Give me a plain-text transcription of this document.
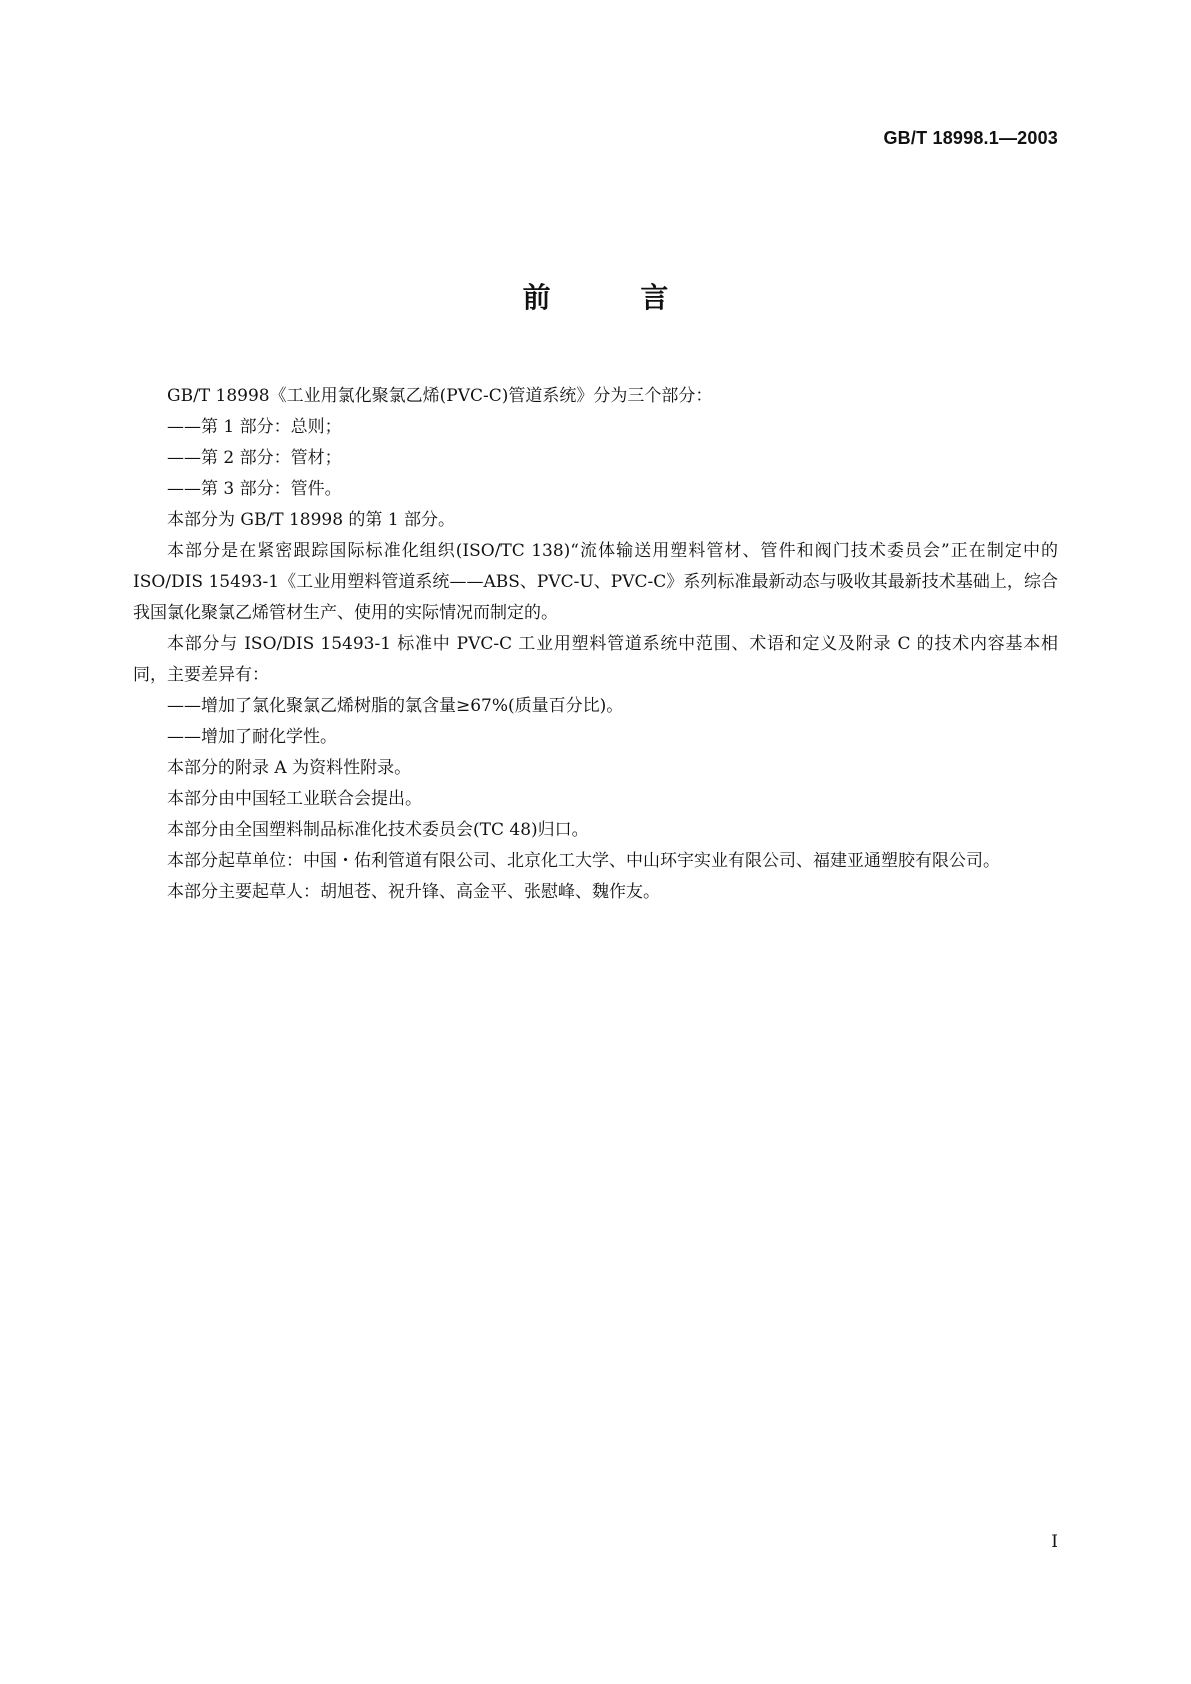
GB/T 18998.1—2003
前 言

GB/T 18998《工业用氯化聚氯乙烯(PVC-C)管道系统》分为三个部分：

——第 1 部分：总则；

——第 2 部分：管材；

——第 3 部分：管件。

本部分为 GB/T 18998 的第 1 部分。

本部分是在紧密跟踪国际标准化组织(ISO/TC 138)“流体输送用塑料管材、管件和阀门技术委员会”正在制定中的 ISO/DIS 15493-1《工业用塑料管道系统——ABS、PVC-U、PVC-C》系列标准最新动态与吸收其最新技术基础上，综合我国氯化聚氯乙烯管材生产、使用的实际情况而制定的。

本部分与 ISO/DIS 15493-1 标准中 PVC-C 工业用塑料管道系统中范围、术语和定义及附录 C 的技术内容基本相同，主要差异有：

——增加了氯化聚氯乙烯树脂的氯含量≥67%(质量百分比)。

——增加了耐化学性。

本部分的附录 A 为资料性附录。

本部分由中国轻工业联合会提出。

本部分由全国塑料制品标准化技术委员会(TC 48)归口。

本部分起草单位：中国・佑利管道有限公司、北京化工大学、中山环宇实业有限公司、福建亚通塑胶有限公司。

本部分主要起草人：胡旭苍、祝升锋、高金平、张慰峰、魏作友。

I
